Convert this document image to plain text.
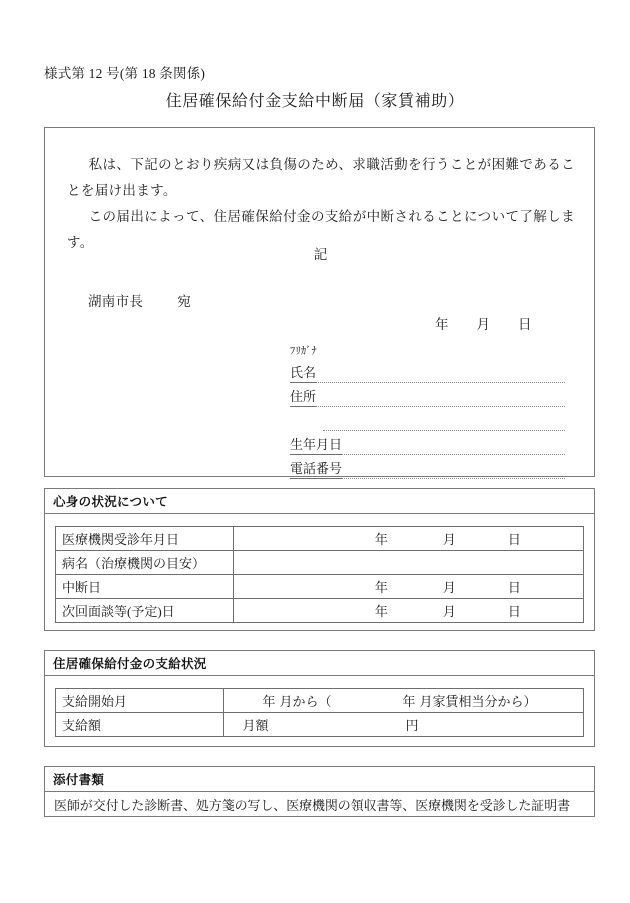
様式第 12 号(第 18 条関係)
住居確保給付金支給中断届（家賃補助）
私は、下記のとおり疾病又は負傷のため、求職活動を行うことが困難であることを届け出ます。
この届出によって、住居確保給付金の支給が中断されることについて了解します。
記
湖南市長	宛
年 月 日
ﾌﾘｶﾞﾅ
氏名
住所
生年月日
電話番号
心身の状況について
医療機関受診年月日	年 月 日

病名（治療機関の目安）	
中断日	年 月 日

次回面談等(予定)日	年 月 日
住居確保給付金の支給状況
支給開始月	年 月から（ 年 月家賃相当分から）
支給額	月額 円
添付書類
医師が交付した診断書、処方箋の写し、医療機関の領収書等、医療機関を受診した証明書
